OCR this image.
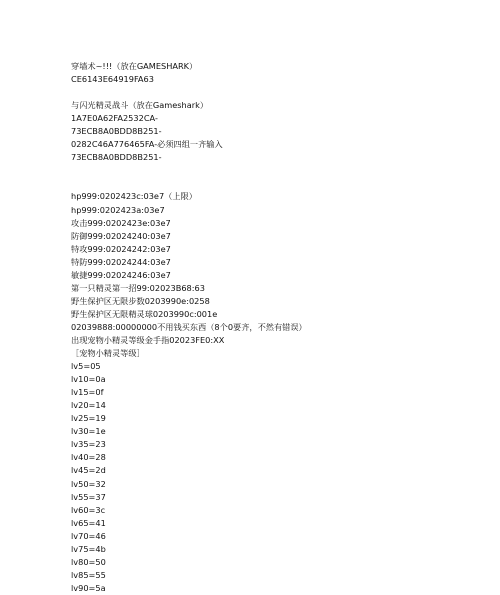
穿墙术~!!!（放在GAMESHARK）
CE6143E64919FA63
与闪光精灵战斗（放在Gameshark）
1A7E0A62FA2532CA-
73ECB8A0BDD8B251-
0282C46A776465FA-必须四组一齐输入
73ECB8A0BDD8B251-
hp999:0202423c:03e7（上限）
hp999:0202423a:03e7
攻击999:0202423e:03e7
防御999:02024240:03e7
特攻999:02024242:03e7
特防999:02024244:03e7
敏捷999:02024246:03e7
第一只精灵第一招99:02023B68:63
野生保护区无限步数0203990e:0258
野生保护区无限精灵球0203990c:001e
02039888:00000000不用钱买东西（8个0要齐，不然有错误）
出现宠物小精灵等级金手指02023FE0:XX
［宠物小精灵等级］
lv5=05
lv10=0a
lv15=0f
lv20=14
lv25=19
lv30=1e
lv35=23
lv40=28
lv45=2d
lv50=32
lv55=37
lv60=3c
lv65=41
lv70=46
lv75=4b
lv80=50
lv85=55
lv90=5a
